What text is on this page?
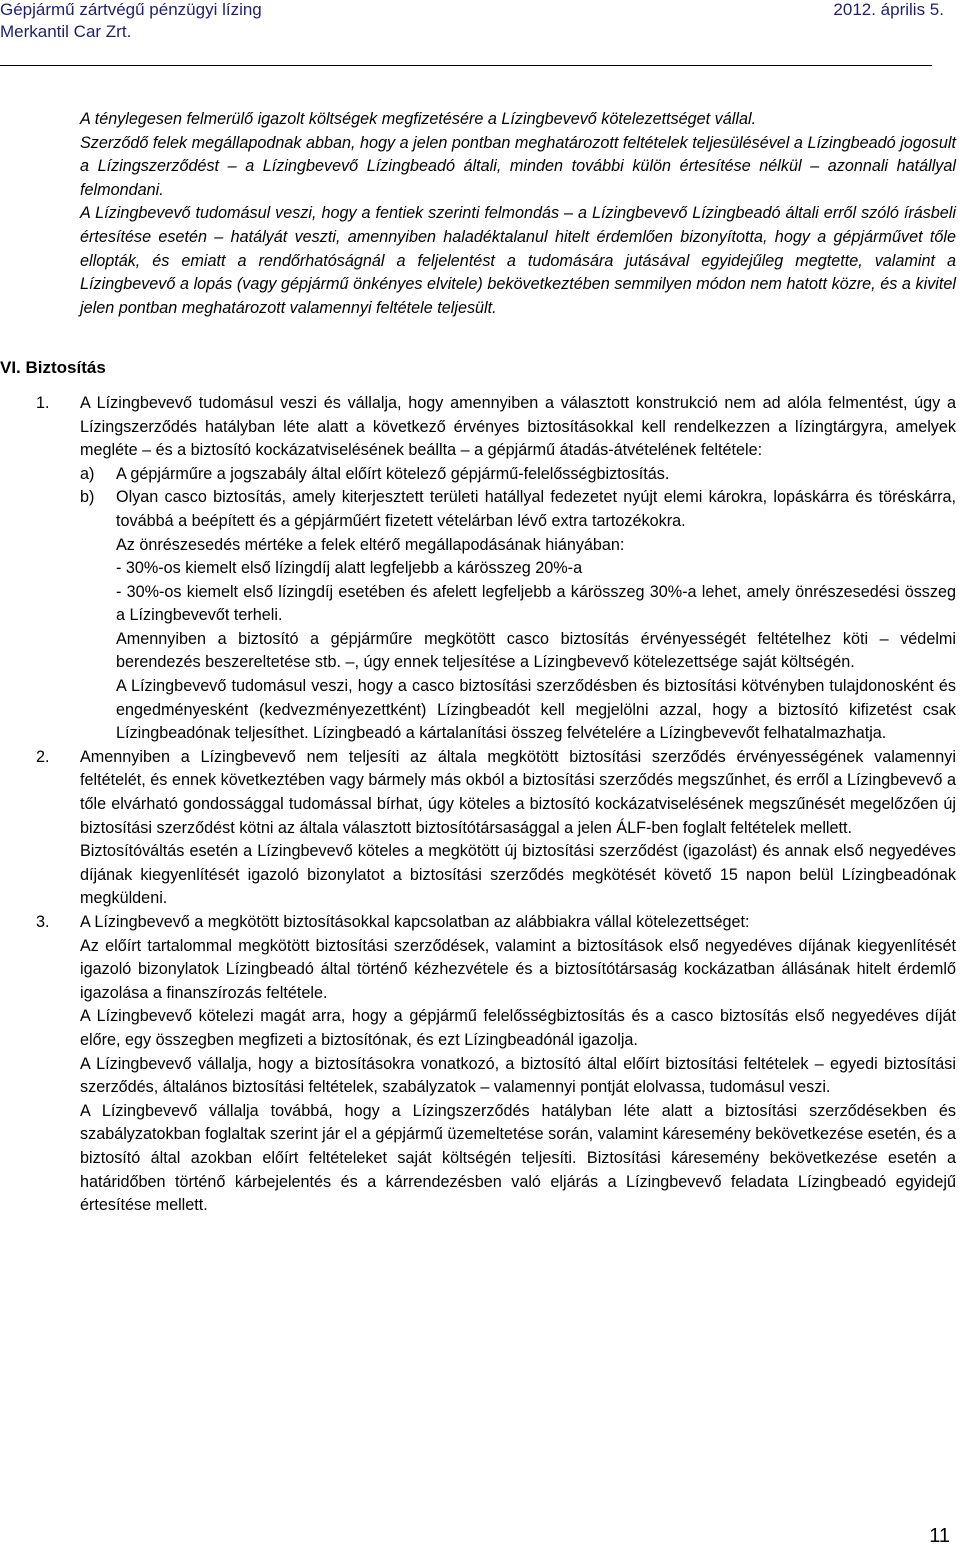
Gépjármű zártvégű pénzügyi lízing
Merkantil Car Zrt.
2012. április 5.

A ténylegesen felmerülő igazolt költségek megfizetésére a Lízingbevevő kötelezettséget vállal.

Szerződő felek megállapodnak abban, hogy a jelen pontban meghatározott feltételek teljesülésével a Lízingbeadó jogosult a Lízingszerződést – a Lízingbevevő Lízingbeadó általi, minden további külön értesítése nélkül – azonnali hatállyal felmondani.

A Lízingbevevő tudomásul veszi, hogy a fentiek szerinti felmondás – a Lízingbevevő Lízingbeadó általi erről szóló írásbeli értesítése esetén – hatályát veszti, amennyiben haladéktalanul hitelt érdemlően bizonyította, hogy a gépjárművet tőle ellopták, és emiatt a rendőrhatóságnál a feljelentést a tudomására jutásával egyidejűleg megtette, valamint a Lízingbevevő a lopás (vagy gépjármű önkényes elvitele) bekövetkeztében semmilyen módon nem hatott közre, és a kivitel jelen pontban meghatározott valamennyi feltétele teljesült.

VI. Biztosítás
1. A Lízingbevevő tudomásul veszi és vállalja, hogy amennyiben a választott konstrukció nem ad alóla felmentést, úgy a Lízingszerződés hatályban léte alatt a következő érvényes biztosításokkal kell rendelkezzen a lízingtárgyra, amelyek megléte – és a biztosító kockázatviselésének beállta – a gépjármű átadás-átvételének feltétele:

a) A gépjárműre a jogszabály által előírt kötelező gépjármű-felelősségbiztosítás.

b) Olyan casco biztosítás, amely kiterjesztett területi hatállyal fedezetet nyújt elemi károkra, lopáskárra és töréskárra, továbbá a beépített és a gépjárműért fizetett vételárban lévő extra tartozékokra.

Az önrészesedés mértéke a felek eltérő megállapodásának hiányában:

- 30%-os kiemelt első lízingdíj alatt legfeljebb a kárösszeg 20%-a

- 30%-os kiemelt első lízingdíj esetében és afelett legfeljebb a kárösszeg 30%-a lehet, amely önrészesedési összeg a Lízingbevevőt terheli.

Amennyiben a biztosító a gépjárműre megkötött casco biztosítás érvényességét feltételhez köti – védelmi berendezés beszereltetése stb. –, úgy ennek teljesítése a Lízingbevevő kötelezettsége saját költségén.

A Lízingbevevő tudomásul veszi, hogy a casco biztosítási szerződésben és biztosítási kötvényben tulajdonosként és engedményesként (kedvezményezettként) Lízingbeadót kell megjelölni azzal, hogy a biztosító kifizetést csak Lízingbeadónak teljesíthet. Lízingbeadó a kártalanítási összeg felvételére a Lízingbevevőt felhatalmazhatja.

2. Amennyiben a Lízingbevevő nem teljesíti az általa megkötött biztosítási szerződés érvényességének valamennyi feltételét, és ennek következtében vagy bármely más okból a biztosítási szerződés megszűnhet, és erről a Lízingbevevő a tőle elvárható gondossággal tudomással bírhat, úgy köteles a biztosító kockázatviselésének megszűnését megelőzően új biztosítási szerződést kötni az általa választott biztosítótársasággal a jelen ÁLF-ben foglalt feltételek mellett.

Biztosítóváltás esetén a Lízingbevevő köteles a megkötött új biztosítási szerződést (igazolást) és annak első negyedéves díjának kiegyenlítését igazoló bizonylatot a biztosítási szerződés megkötését követő 15 napon belül Lízingbeadónak megküldeni.

3. A Lízingbevevő a megkötött biztosításokkal kapcsolatban az alábbiakra vállal kötelezettséget:

Az előírt tartalommal megkötött biztosítási szerződések, valamint a biztosítások első negyedéves díjának kiegyenlítését igazoló bizonylatok Lízingbeadó által történő kézhezvétele és a biztosítótársaság kockázatban állásának hitelt érdemlő igazolása a finanszírozás feltétele.

A Lízingbevevő kötelezi magát arra, hogy a gépjármű felelősségbiztosítás és a casco biztosítás első negyedéves díját előre, egy összegben megfizeti a biztosítónak, és ezt Lízingbeadónál igazolja.

A Lízingbevevő vállalja, hogy a biztosításokra vonatkozó, a biztosító által előírt biztosítási feltételek – egyedi biztosítási szerződés, általános biztosítási feltételek, szabályzatok – valamennyi pontját elolvassa, tudomásul veszi.

A Lízingbevevő vállalja továbbá, hogy a Lízingszerződés hatályban léte alatt a biztosítási szerződésekben és szabályzatokban foglaltak szerint jár el a gépjármű üzemeltetése során, valamint káresemény bekövetkezése esetén, és a biztosító által azokban előírt feltételeket saját költségén teljesíti. Biztosítási káresemény bekövetkezése esetén a határidőben történő kárbejelentés és a kárrendezésben való eljárás a Lízingbevevő feladata Lízingbeadó egyidejű értesítése mellett.

11
